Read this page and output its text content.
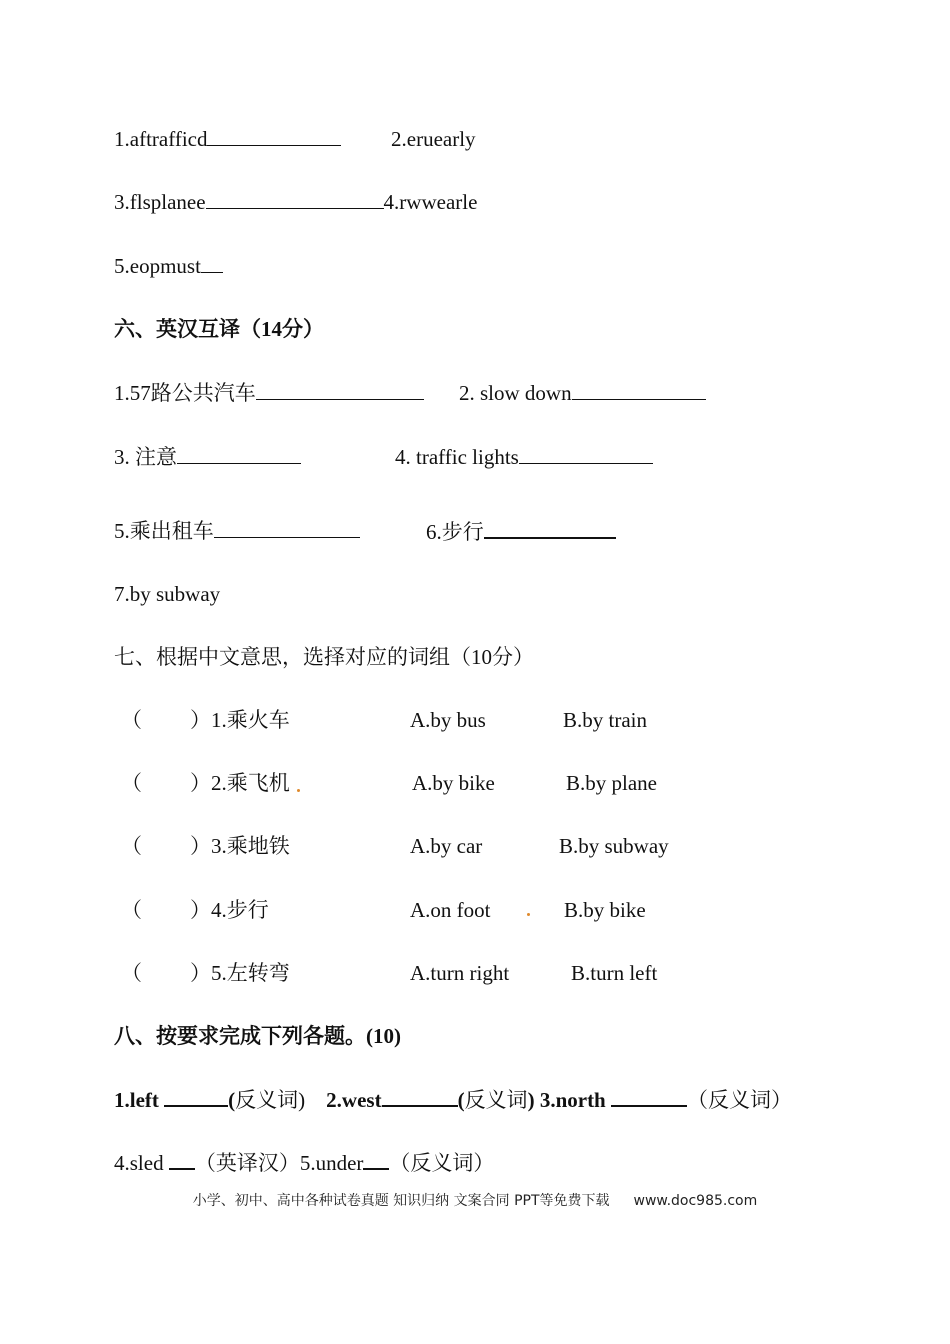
1.aftrafficd	2.eruearly
3.flsplanee	4.rwwearle
5.eopmust
六、英汉互译（14分）
1.57路公共汽车	2. slow down
3. 注意	4. traffic lights
5.乘出租车	6.步行
7.by subway
七、根据中文意思，选择对应的词组（10分）
（ ）1.乘火车	A.by bus	B.by train
（ ）2.乘飞机	A.by bike	B.by plane
（ ）3.乘地铁	A.by car	B.by subway
（ ）4.步行	A.on foot	B.by bike
（ ）5.左转弯	A.turn right	B.turn left
八、按要求完成下列各题。(10)
1.left	(反义词) 2.west	(反义词) 3.north	（反义词）
4.sled （英译汉）5.under （反义词）
小学、初中、高中各种试卷真题 知识归纳 文案合同 PPT等免费下载 www.doc985.com
